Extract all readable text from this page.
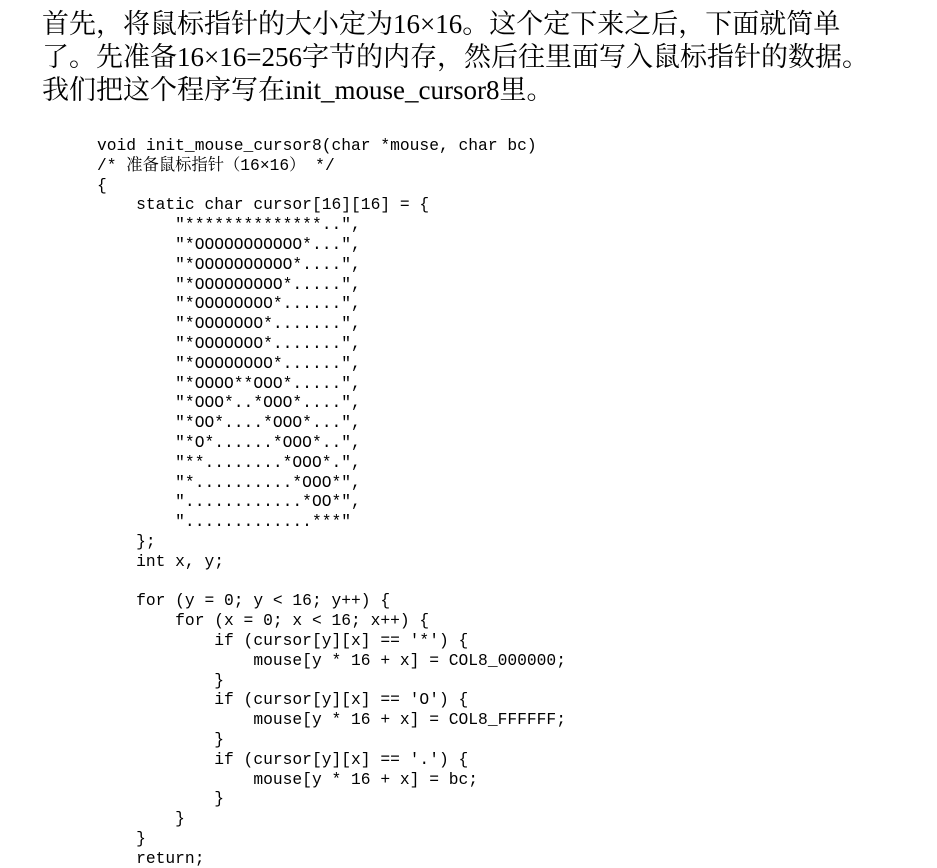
首先，将鼠标指针的大小定为16×16。这个定下来之后，下面就简单
了。先准备16×16=256字节的内存，然后往里面写入鼠标指针的数据。
我们把这个程序写在init_mouse_cursor8里。

void init_mouse_cursor8(char *mouse, char bc)
/* 准备鼠标指针（16×16） */
{
static char cursor[16][16] = {
"**************..",
"*OOOOOOOOOOO*...",
"*OOOOOOOOOO*....",
"*OOOOOOOOO*.....",
"*OOOOOOOO*......",
"*OOOOOOO*.......",
"*OOOOOOO*.......",
"*OOOOOOOO*......",
"*OOOO**OOO*.....",
"*OOO*..*OOO*....",
"*OO*....*OOO*...",
"*O*......*OOO*..",
"**........*OOO*.",
"*..........*OOO*",
"............*OO*",
".............***"
};
int x, y;
for (y = 0; y < 16; y++) {
for (x = 0; x < 16; x++) {
if (cursor[y][x] == '*') {
mouse[y * 16 + x] = COL8_000000;
}
if (cursor[y][x] == 'O') {
mouse[y * 16 + x] = COL8_FFFFFF;
}
if (cursor[y][x] == '.') {
mouse[y * 16 + x] = bc;
}
}
}
return;
